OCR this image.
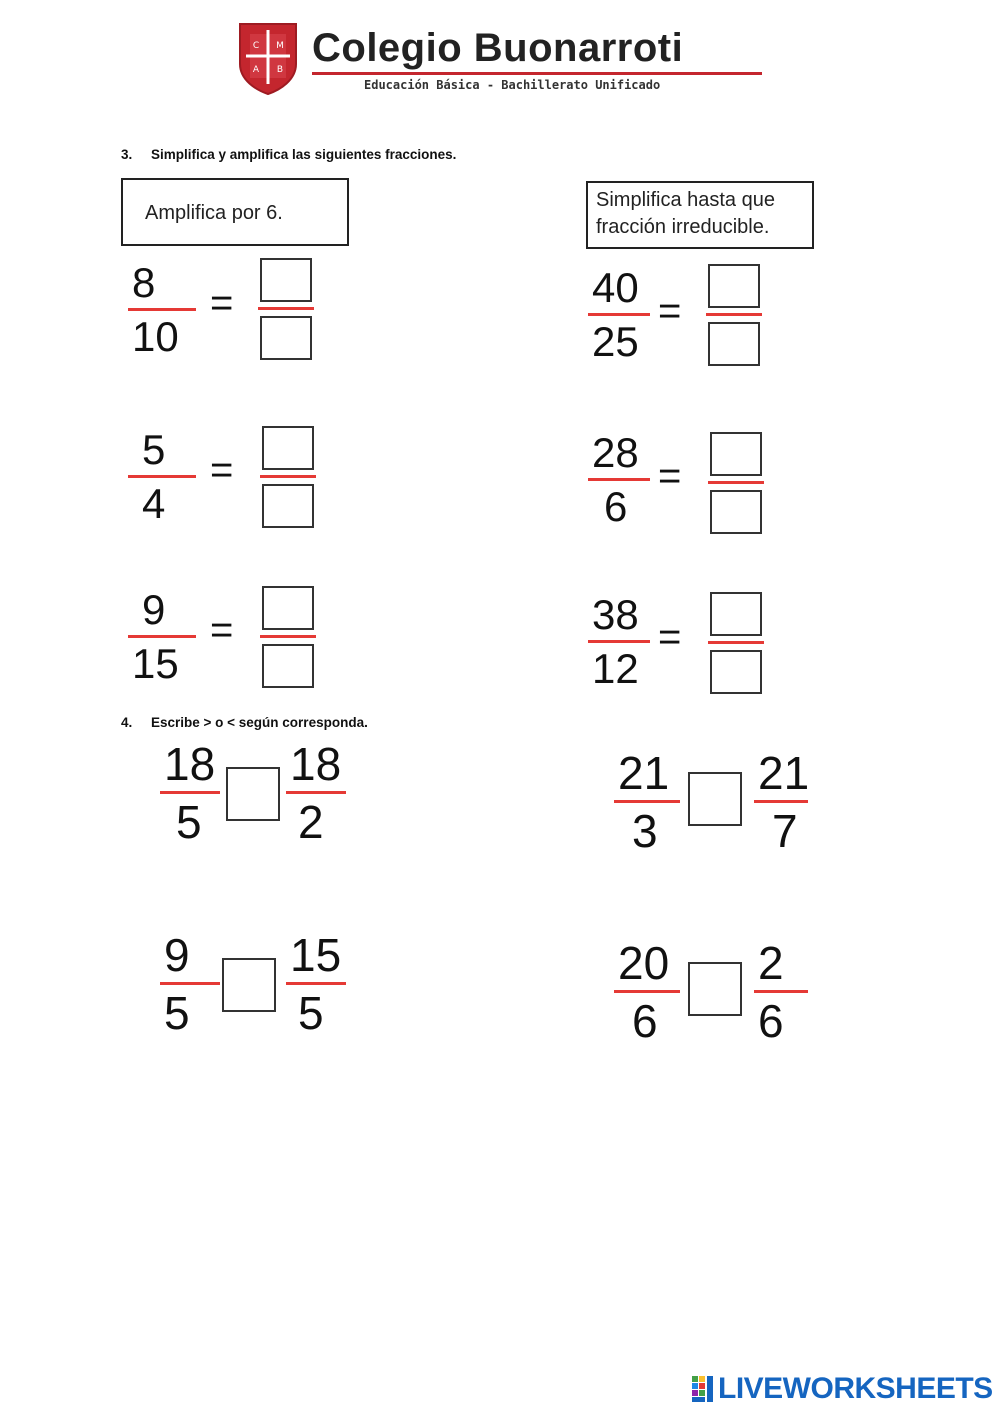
C M
A B Colegio Buonarroti
Educación Básica - Bachillerato Unificado
3. Simplifica y amplifica las siguientes fracciones.
Amplifica por 6.
Simplifica hasta que
fracción irreducible.
8
10
=
5
4
=
9
15
=
40
25
=
28
6
=
38
12
=
4. Escribe > o < según corresponda.
18
5
18
2
21
3
21
7
9
5
15
5
20
6
2
6
LIVEWORKSHEETS
